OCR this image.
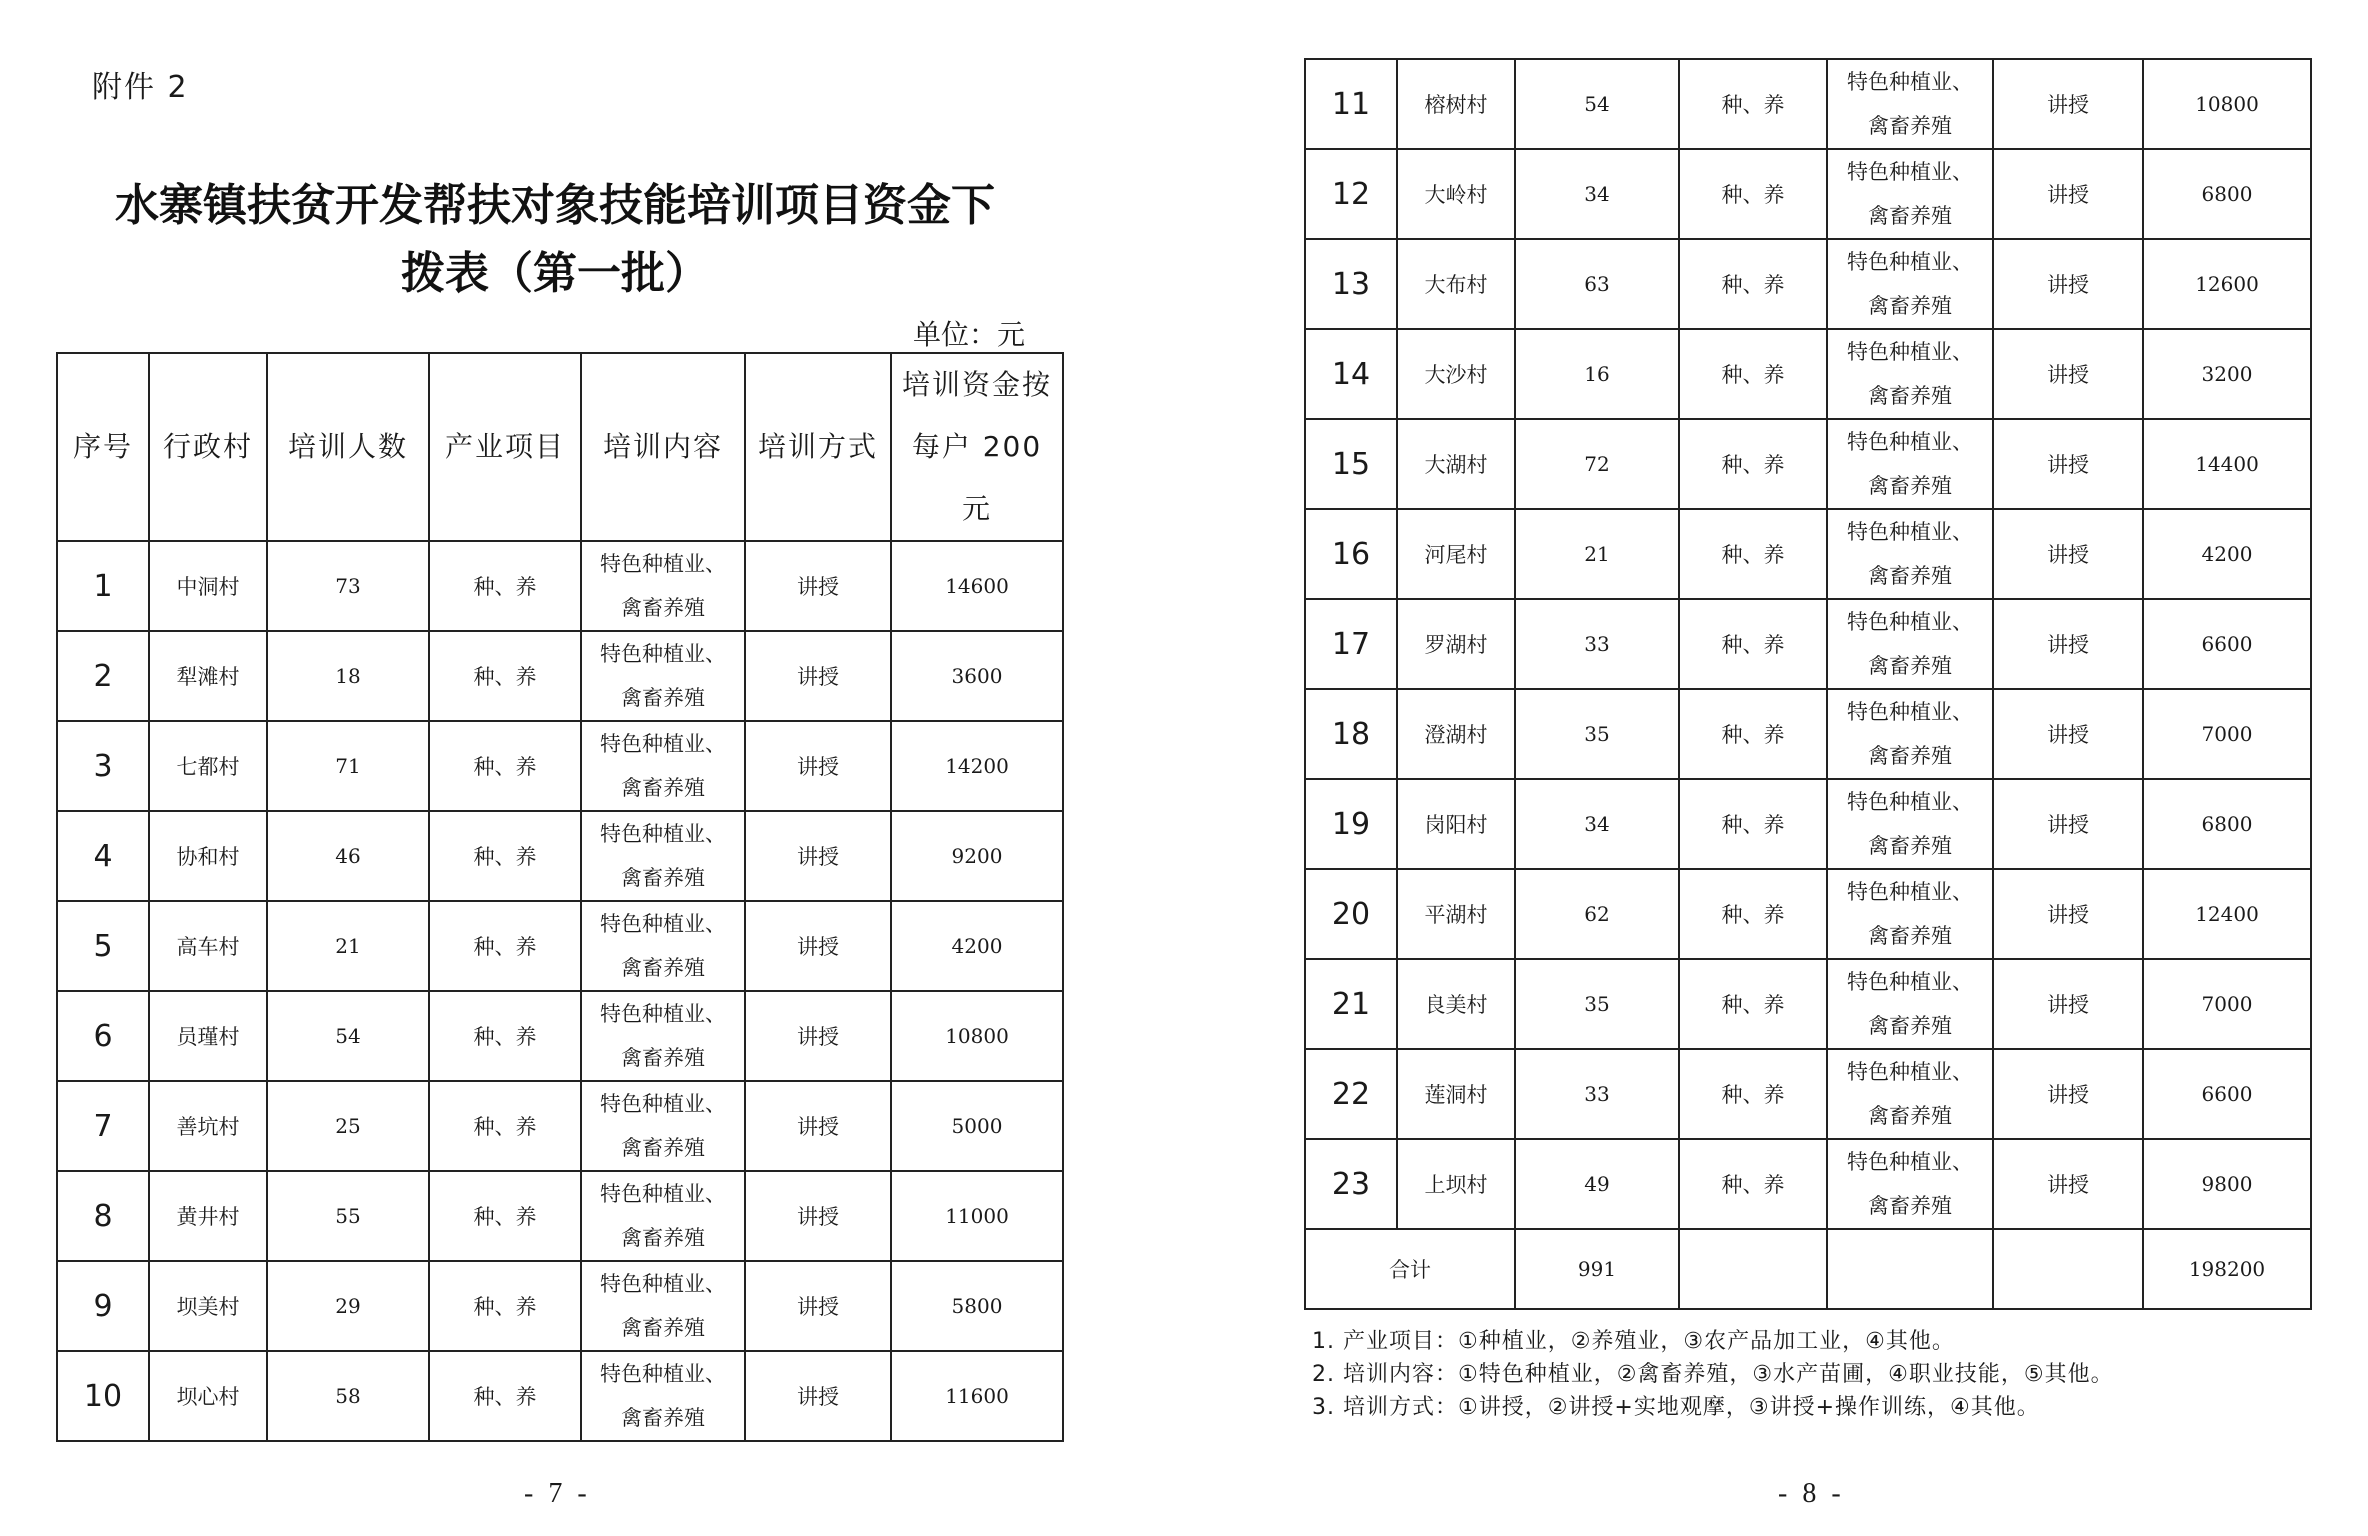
附件 2
水寨镇扶贫开发帮扶对象技能培训项目资金下
拨表（第一批）
单位：元
序号	行政村	培训人数	产业项目	培训内容	培训方式	培训资金按
每户 200 元

1	中洞村	73	种、养	特色种植业、
禽畜养殖	讲授	14600
2	犁滩村	18	种、养	特色种植业、
禽畜养殖	讲授	3600
3	七都村	71	种、养	特色种植业、
禽畜养殖	讲授	14200
4	协和村	46	种、养	特色种植业、
禽畜养殖	讲授	9200
5	高车村	21	种、养	特色种植业、
禽畜养殖	讲授	4200
6	员瑾村	54	种、养	特色种植业、
禽畜养殖	讲授	10800
7	善坑村	25	种、养	特色种植业、
禽畜养殖	讲授	5000
8	黄井村	55	种、养	特色种植业、
禽畜养殖	讲授	11000
9	坝美村	29	种、养	特色种植业、
禽畜养殖	讲授	5800
10	坝心村	58	种、养	特色种植业、
禽畜养殖	讲授	11600
- 7 -	- 8 -
11	榕树村	54	种、养	特色种植业、
禽畜养殖	讲授	10800
12	大岭村	34	种、养	特色种植业、
禽畜养殖	讲授	6800
13	大布村	63	种、养	特色种植业、
禽畜养殖	讲授	12600
14	大沙村	16	种、养	特色种植业、
禽畜养殖	讲授	3200
15	大湖村	72	种、养	特色种植业、
禽畜养殖	讲授	14400
16	河尾村	21	种、养	特色种植业、
禽畜养殖	讲授	4200
17	罗湖村	33	种、养	特色种植业、
禽畜养殖	讲授	6600
18	澄湖村	35	种、养	特色种植业、
禽畜养殖	讲授	7000
19	岗阳村	34	种、养	特色种植业、
禽畜养殖	讲授	6800
20	平湖村	62	种、养	特色种植业、
禽畜养殖	讲授	12400
21	良美村	35	种、养	特色种植业、
禽畜养殖	讲授	7000
22	莲洞村	33	种、养	特色种植业、
禽畜养殖	讲授	6600
23	上坝村	49	种、养	特色种植业、
禽畜养殖	讲授	9800
合计		991				198200
1. 产业项目：①种植业，②养殖业，③农产品加工业，④其他。
2. 培训内容：①特色种植业，②禽畜养殖，③水产苗圃，④职业技能，⑤其他。
3. 培训方式：①讲授，②讲授+实地观摩，③讲授+操作训练，④其他。
